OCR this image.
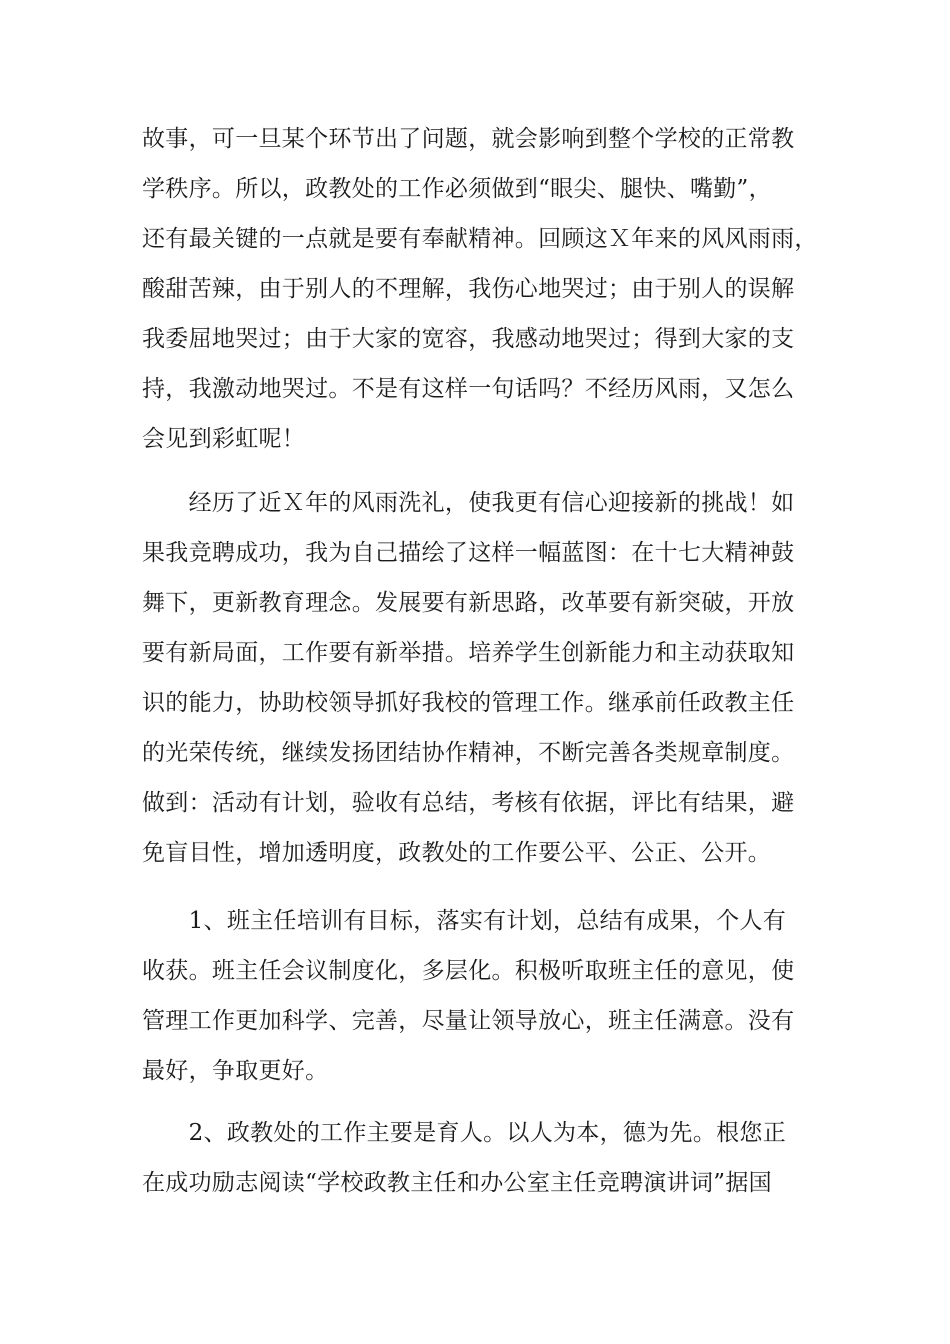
故事，可一旦某个环节出了问题，就会影响到整个学校的正常教
学秩序。所以，政教处的工作必须做到“眼尖、腿快、嘴勤”，
还有最关键的一点就是要有奉献精神。回顾这Ｘ年来的风风雨雨，
酸甜苦辣，由于别人的不理解，我伤心地哭过；由于别人的误解
我委屈地哭过；由于大家的宽容，我感动地哭过；得到大家的支
持，我激动地哭过。不是有这样一句话吗？不经历风雨，又怎么
会见到彩虹呢！
　　经历了近Ｘ年的风雨洗礼，使我更有信心迎接新的挑战！如
果我竞聘成功，我为自己描绘了这样一幅蓝图：在十七大精神鼓
舞下，更新教育理念。发展要有新思路，改革要有新突破，开放
要有新局面，工作要有新举措。培养学生创新能力和主动获取知
识的能力，协助校领导抓好我校的管理工作。继承前任政教主任
的光荣传统，继续发扬团结协作精神，不断完善各类规章制度。
做到：活动有计划，验收有总结，考核有依据，评比有结果，避
免盲目性，增加透明度，政教处的工作要公平、公正、公开。
　　1、班主任培训有目标，落实有计划，总结有成果，个人有
收获。班主任会议制度化，多层化。积极听取班主任的意见，使
管理工作更加科学、完善，尽量让领导放心，班主任满意。没有
最好，争取更好。
　　2、政教处的工作主要是育人。以人为本，德为先。根您正
在成功励志阅读“学校政教主任和办公室主任竞聘演讲词”据国
